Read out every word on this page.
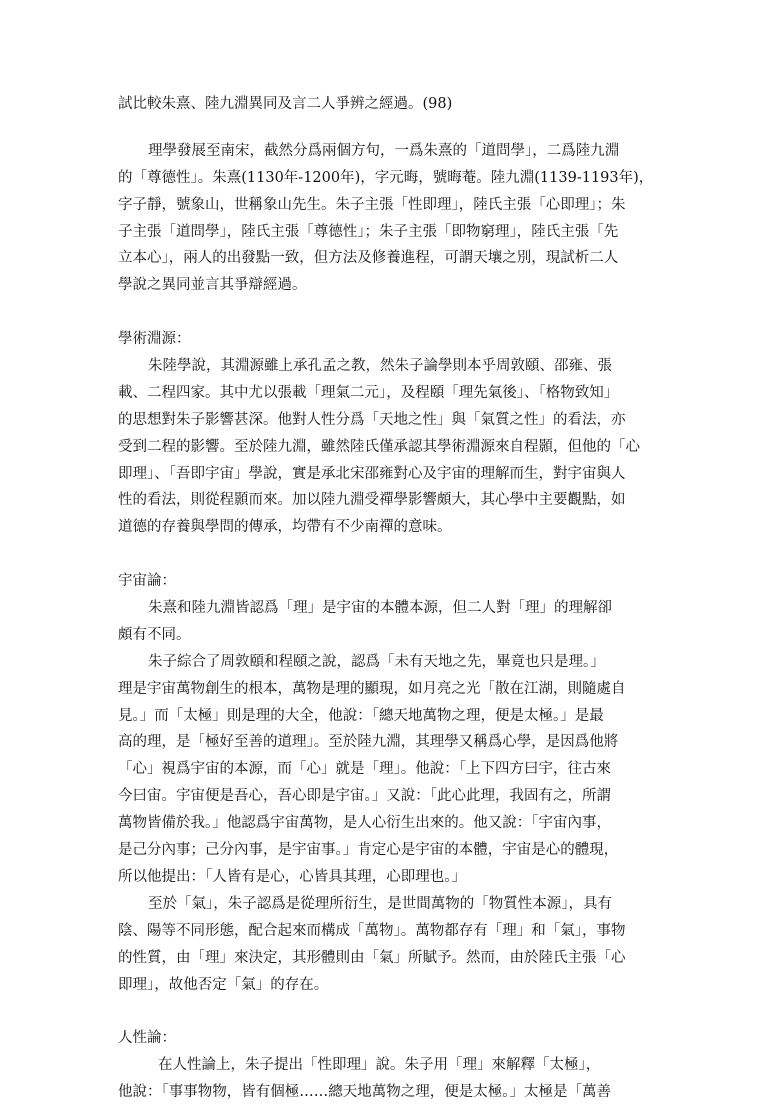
試比較朱熹、陸九淵異同及言二人爭辨之經過。(98)
理學發展至南宋，截然分爲兩個方句，一爲朱熹的「道問學」，二爲陸九淵
的「尊德性」。朱熹(1130年-1200年)，字元晦，號晦菴。陸九淵(1139-1193年)，
字子靜，號象山，世稱象山先生。朱子主張「性即理」，陸氏主張「心即理」；朱
子主張「道問學」，陸氏主張「尊德性」；朱子主張「即物窮理」，陸氏主張「先
立本心」，兩人的出發點一致，但方法及修養進程，可謂天壤之別，現試析二人
學說之異同並言其爭辯經過。
學術淵源：
朱陸學說，其淵源雖上承孔孟之教，然朱子論學則本乎周敦頤、邵雍、張
載、二程四家。其中尤以張載「理氣二元」，及程頤「理先氣後」、「格物致知」
的思想對朱子影響甚深。他對人性分爲「天地之性」與「氣質之性」的看法，亦
受到二程的影響。至於陸九淵，雖然陸氏僅承認其學術淵源來自程顥，但他的「心
即理」、「吾即宇宙」學說，實是承北宋邵雍對心及宇宙的理解而生，對宇宙與人
性的看法，則從程顥而來。加以陸九淵受禪學影響頗大，其心學中主要觀點，如
道德的存養與學問的傳承，均帶有不少南禪的意味。
宇宙論：
朱熹和陸九淵皆認爲「理」是宇宙的本體本源，但二人對「理」的理解卻
頗有不同。
朱子綜合了周敦頤和程頤之說，認爲「未有天地之先，畢竟也只是理。」
理是宇宙萬物創生的根本，萬物是理的顯現，如月亮之光「散在江湖，則隨處自
見。」而「太極」則是理的大全，他說：「總天地萬物之理，便是太極。」是最
高的理，是「極好至善的道理」。至於陸九淵，其理學又稱爲心學，是因爲他將
「心」視爲宇宙的本源，而「心」就是「理」。他說：「上下四方曰宇，往古來
今曰宙。宇宙便是吾心，吾心即是宇宙。」又說：「此心此理，我固有之，所謂
萬物皆備於我。」他認爲宇宙萬物，是人心衍生出來的。他又說：「宇宙內事，
是己分內事；己分內事，是宇宙事。」肯定心是宇宙的本體，宇宙是心的體現，
所以他提出：「人皆有是心，心皆具其理，心即理也。」
至於「氣」，朱子認爲是從理所衍生，是世間萬物的「物質性本源」，具有
陰、陽等不同形態，配合起來而構成「萬物」。萬物都存有「理」和「氣」，事物
的性質，由「理」來決定，其形體則由「氣」所賦予。然而，由於陸氏主張「心
即理」，故他否定「氣」的存在。
人性論：
在人性論上，朱子提出「性即理」說。朱子用「理」來解釋「太極」，
他說：「事事物物，皆有個極……總天地萬物之理，便是太極。」太極是「萬善
